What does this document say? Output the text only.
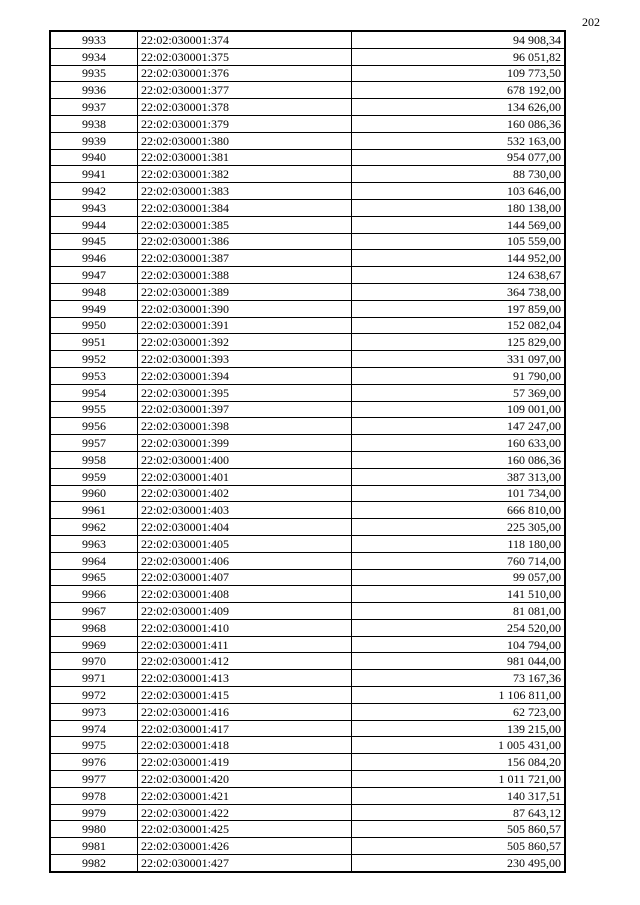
202
9933	22:02:030001:374	94 908,34
9934	22:02:030001:375	96 051,82
9935	22:02:030001:376	109 773,50
9936	22:02:030001:377	678 192,00
9937	22:02:030001:378	134 626,00
9938	22:02:030001:379	160 086,36
9939	22:02:030001:380	532 163,00
9940	22:02:030001:381	954 077,00
9941	22:02:030001:382	88 730,00
9942	22:02:030001:383	103 646,00
9943	22:02:030001:384	180 138,00
9944	22:02:030001:385	144 569,00
9945	22:02:030001:386	105 559,00
9946	22:02:030001:387	144 952,00
9947	22:02:030001:388	124 638,67
9948	22:02:030001:389	364 738,00
9949	22:02:030001:390	197 859,00
9950	22:02:030001:391	152 082,04
9951	22:02:030001:392	125 829,00
9952	22:02:030001:393	331 097,00
9953	22:02:030001:394	91 790,00
9954	22:02:030001:395	57 369,00
9955	22:02:030001:397	109 001,00
9956	22:02:030001:398	147 247,00
9957	22:02:030001:399	160 633,00
9958	22:02:030001:400	160 086,36
9959	22:02:030001:401	387 313,00
9960	22:02:030001:402	101 734,00
9961	22:02:030001:403	666 810,00
9962	22:02:030001:404	225 305,00
9963	22:02:030001:405	118 180,00
9964	22:02:030001:406	760 714,00
9965	22:02:030001:407	99 057,00
9966	22:02:030001:408	141 510,00
9967	22:02:030001:409	81 081,00
9968	22:02:030001:410	254 520,00
9969	22:02:030001:411	104 794,00
9970	22:02:030001:412	981 044,00
9971	22:02:030001:413	73 167,36
9972	22:02:030001:415	1 106 811,00
9973	22:02:030001:416	62 723,00
9974	22:02:030001:417	139 215,00
9975	22:02:030001:418	1 005 431,00
9976	22:02:030001:419	156 084,20
9977	22:02:030001:420	1 011 721,00
9978	22:02:030001:421	140 317,51
9979	22:02:030001:422	87 643,12
9980	22:02:030001:425	505 860,57
9981	22:02:030001:426	505 860,57
9982	22:02:030001:427	230 495,00
